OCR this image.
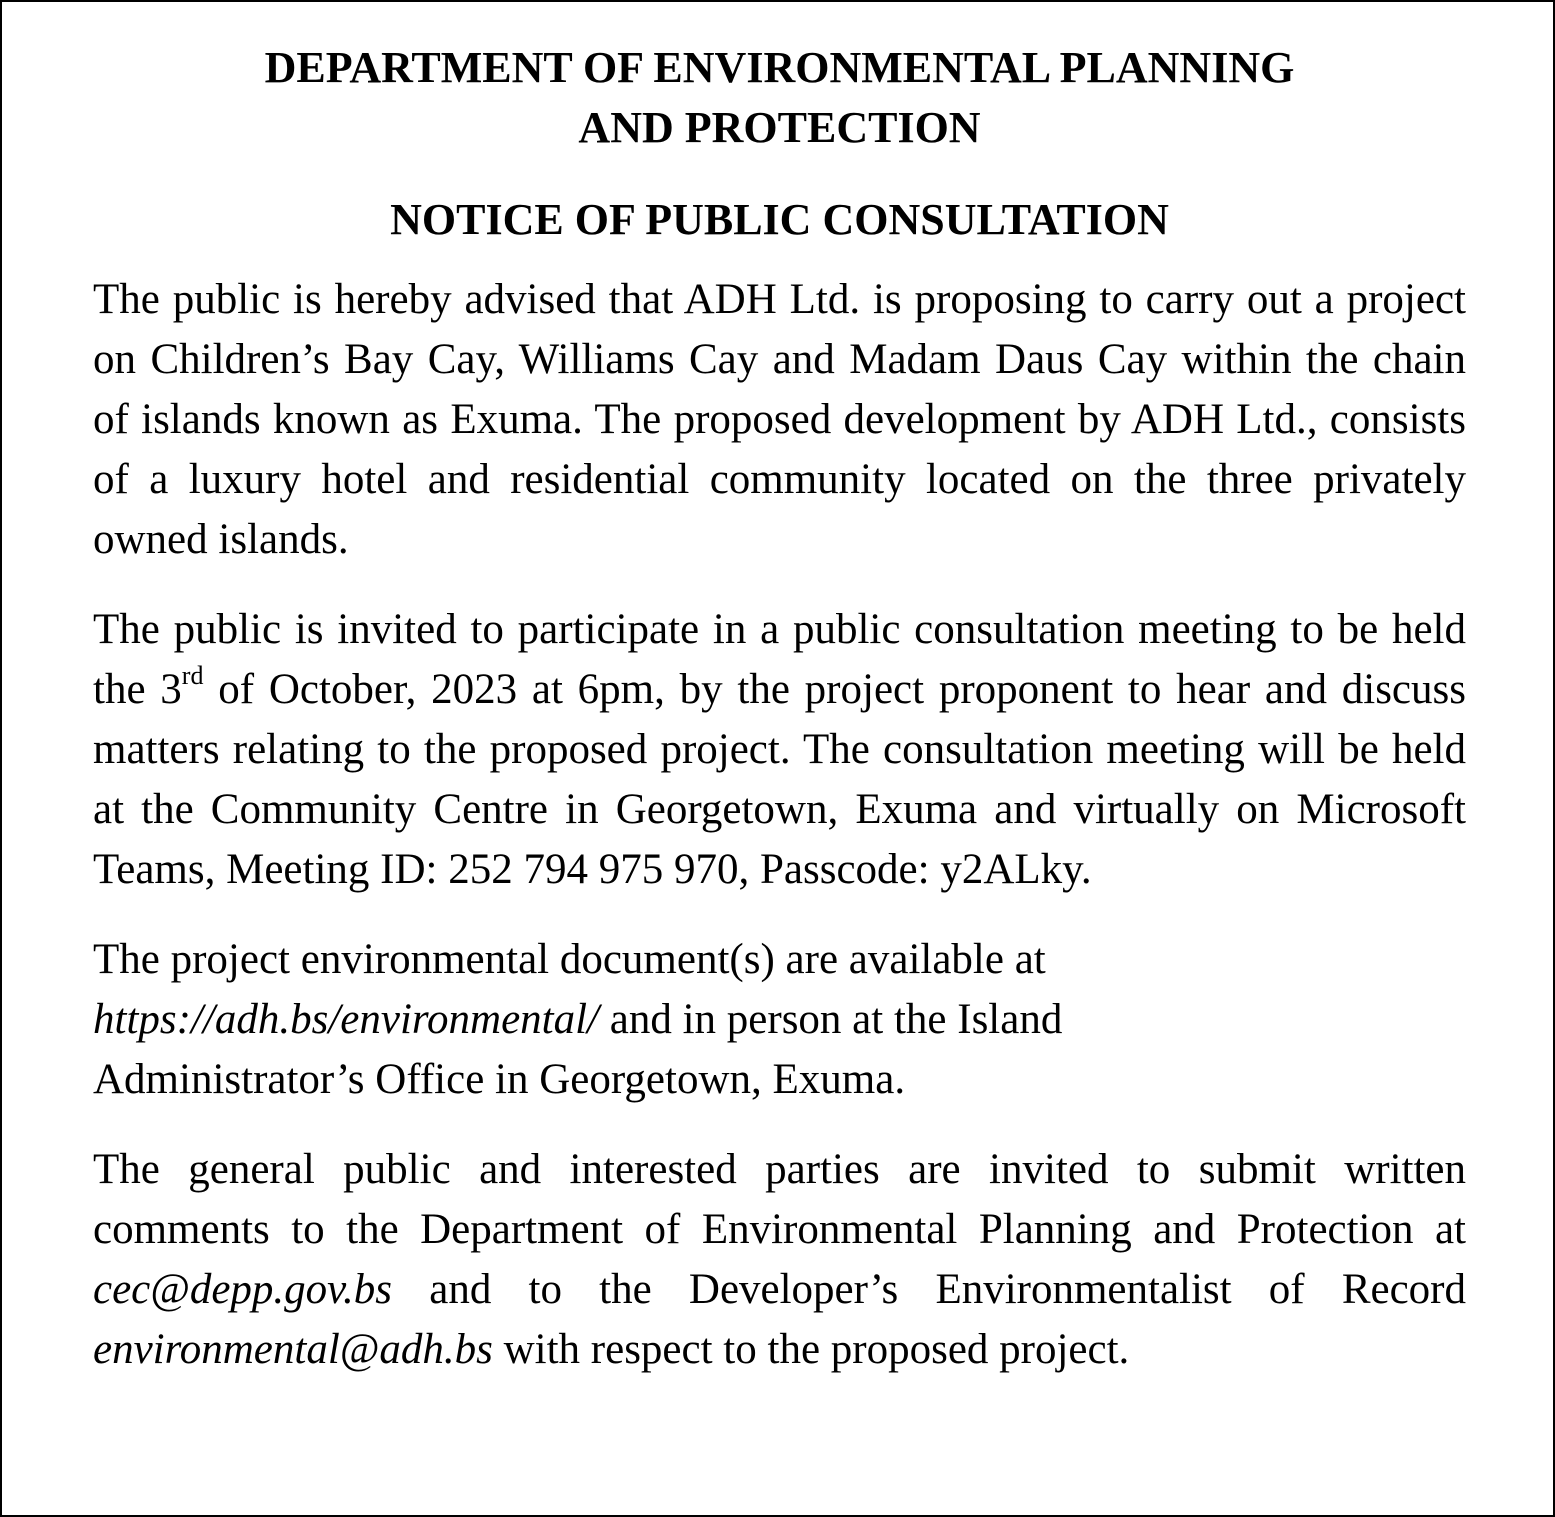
DEPARTMENT OF ENVIRONMENTAL PLANNING
AND PROTECTION
NOTICE OF PUBLIC CONSULTATION

The public is hereby advised that ADH Ltd. is proposing to carry out a project on Children’s Bay Cay, Williams Cay and Madam Daus Cay within the chain of islands known as Exuma. The proposed development by ADH Ltd., consists of a luxury hotel and residential community located on the three privately owned islands.

The public is invited to participate in a public consultation meeting to be held the 3rd of October, 2023 at 6pm, by the project proponent to hear and discuss matters relating to the proposed project. The consultation meeting will be held at the Community Centre in Georgetown, Exuma and virtually on Microsoft Teams, Meeting ID: 252 794 975 970, Passcode: y2ALky.

The project environmental document(s) are available at
https://adh.bs/environmental/ and in person at the Island
Administrator’s Office in Georgetown, Exuma.

The general public and interested parties are invited to submit written comments to the Department of Environmental Planning and Protection at cec@depp.gov.bs and to the Developer’s Environmentalist of Record environmental@adh.bs with respect to the proposed project.
